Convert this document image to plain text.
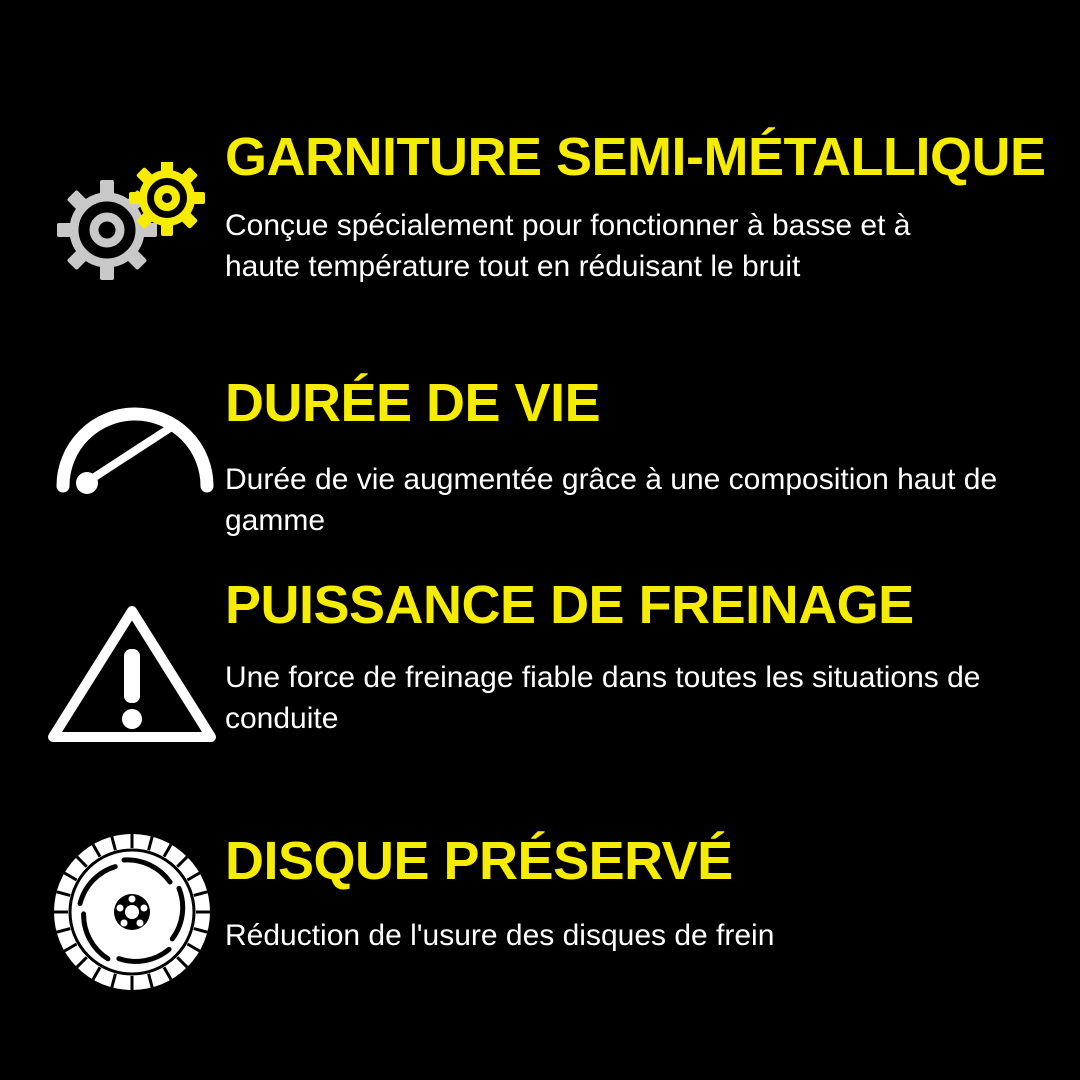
GARNITURE SEMI-MÉTALLIQUE

Conçue spécialement pour fonctionner à basse et à haute température tout en réduisant le bruit

DURÉE DE VIE

Durée de vie augmentée grâce à une composition haut de gamme

PUISSANCE DE FREINAGE

Une force de freinage fiable dans toutes les situations de conduite

DISQUE PRÉSERVÉ

Réduction de l'usure des disques de frein
